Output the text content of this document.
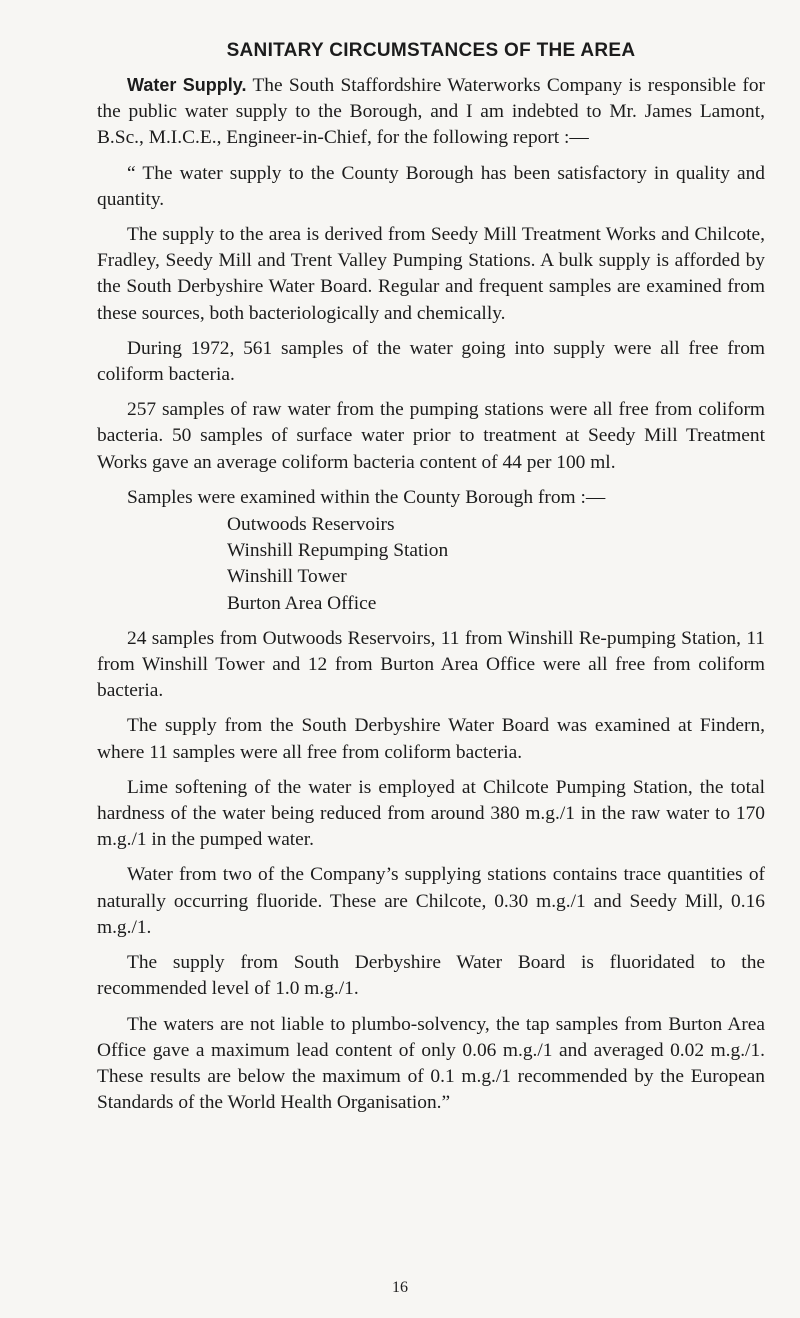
SANITARY CIRCUMSTANCES OF THE AREA

Water Supply. The South Staffordshire Waterworks Company is responsible for the public water supply to the Borough, and I am indebted to Mr. James Lamont, B.Sc., M.I.C.E., Engineer-in-Chief, for the following report :—

“ The water supply to the County Borough has been satisfactory in quality and quantity.

The supply to the area is derived from Seedy Mill Treatment Works and Chilcote, Fradley, Seedy Mill and Trent Valley Pumping Stations. A bulk supply is afforded by the South Derbyshire Water Board. Regular and frequent samples are examined from these sources, both bacteriologically and chemically.

During 1972, 561 samples of the water going into supply were all free from coliform bacteria.

257 samples of raw water from the pumping stations were all free from coliform bacteria. 50 samples of surface water prior to treatment at Seedy Mill Treatment Works gave an average coliform bacteria content of 44 per 100 ml.

Samples were examined within the County Borough from :—

Outwoods Reservoirs
Winshill Repumping Station
Winshill Tower
Burton Area Office

24 samples from Outwoods Reservoirs, 11 from Winshill Re-pumping Station, 11 from Winshill Tower and 12 from Burton Area Office were all free from coliform bacteria.

The supply from the South Derbyshire Water Board was examined at Findern, where 11 samples were all free from coliform bacteria.

Lime softening of the water is employed at Chilcote Pumping Station, the total hardness of the water being reduced from around 380 m.g./1 in the raw water to 170 m.g./1 in the pumped water.

Water from two of the Company’s supplying stations contains trace quantities of naturally occurring fluoride. These are Chilcote, 0.30 m.g./1 and Seedy Mill, 0.16 m.g./1.

The supply from South Derbyshire Water Board is fluoridated to the recommended level of 1.0 m.g./1.

The waters are not liable to plumbo-solvency, the tap samples from Burton Area Office gave a maximum lead content of only 0.06 m.g./1 and averaged 0.02 m.g./1. These results are below the maximum of 0.1 m.g./1 recommended by the European Standards of the World Health Organisation.”

16
